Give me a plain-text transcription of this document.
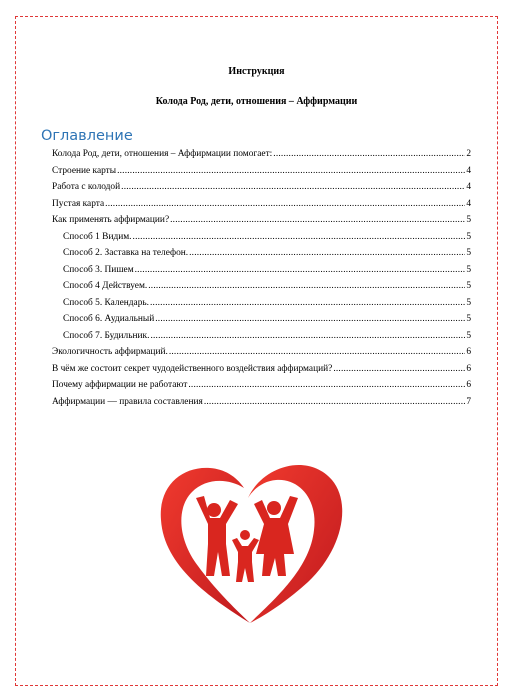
Инструкция
Колода Род, дети, отношения – Аффирмации
Оглавление
Колода Род, дети, отношения – Аффирмации помогает: .....	2
Строение карты .....	4
Работа с колодой .....	4
Пустая карта .....	4
Как применять аффирмации? .....	5
Способ 1 Видим. .....	5
Способ 2. Заставка на телефон. .....	5
Способ 3. Пишем .....	5
Способ 4 Действуем. .....	5
Способ 5. Календарь. .....	5
Способ 6. Аудиальный .....	5
Способ 7. Будильник. .....	5
Экологичность аффирмаций. .....	6
В чём же состоит секрет чудодейственного воздействия аффирмаций? .....	6
Почему аффирмации не работают .....	6
Аффирмации — правила составления .....	7
